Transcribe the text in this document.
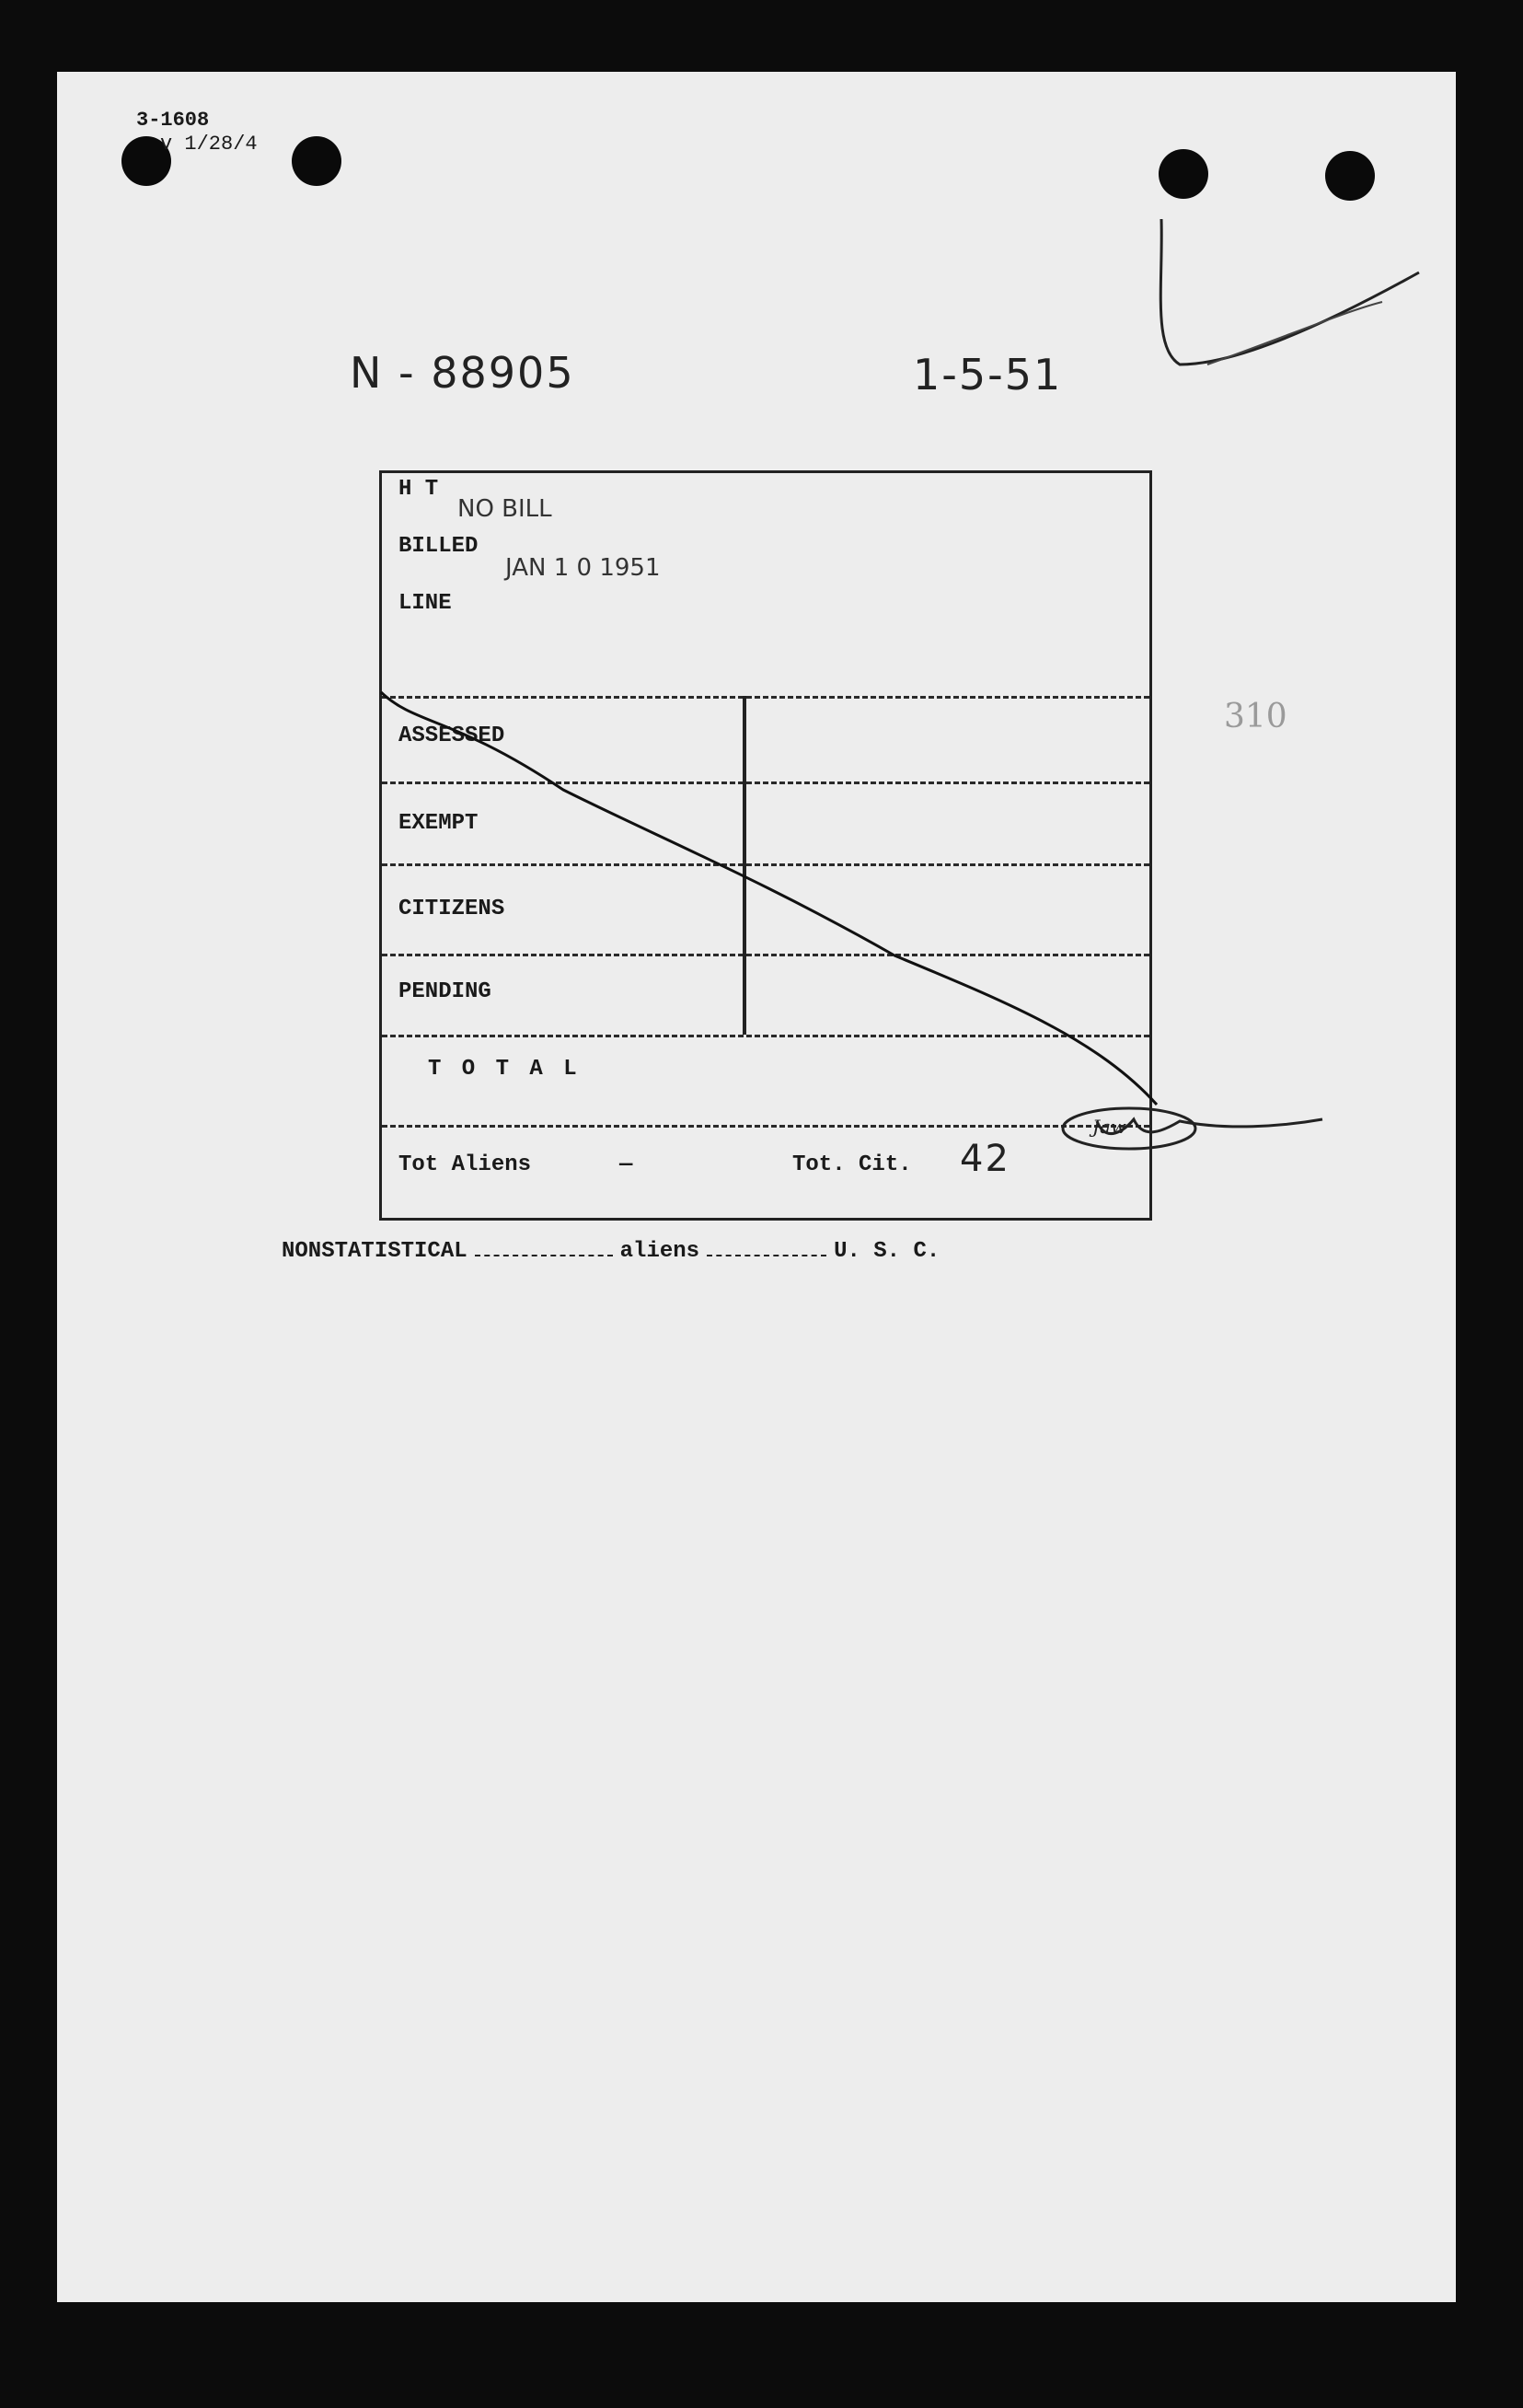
3-1608
v 1/28/4
N - 88905	1-5-51
310
H T
NO BILL
BILLED
JAN 1 0 1951
LINE
ASSESSED
EXEMPT
CITIZENS
PENDING
T O T A L
Tot Aliens	—	Tot. Cit. 42
Jaw
NONSTATISTICAL	aliens	U. S. C.
